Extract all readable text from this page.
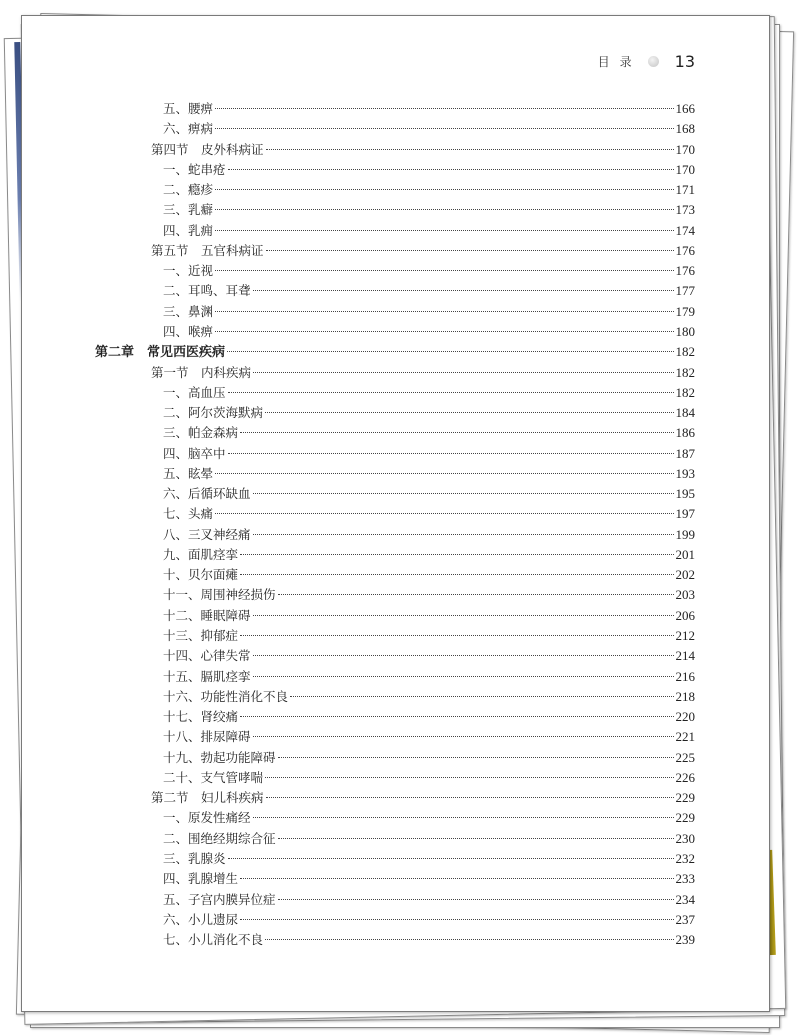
目录 13
五、腰痹	166
六、痹病	168
第四节　皮外科病证	170
一、蛇串疮	170
二、瘾疹	171
三、乳癖	173
四、乳痈	174
第五节　五官科病证	176
一、近视	176
二、耳鸣、耳聋	177
三、鼻渊	179
四、喉痹	180
第二章　常见西医疾病	182
第一节　内科疾病	182
一、高血压	182
二、阿尔茨海默病	184
三、帕金森病	186
四、脑卒中	187
五、眩晕	193
六、后循环缺血	195
七、头痛	197
八、三叉神经痛	199
九、面肌痉挛	201
十、贝尔面瘫	202
十一、周围神经损伤	203
十二、睡眠障碍	206
十三、抑郁症	212
十四、心律失常	214
十五、膈肌痉挛	216
十六、功能性消化不良	218
十七、肾绞痛	220
十八、排尿障碍	221
十九、勃起功能障碍	225
二十、支气管哮喘	226
第二节　妇儿科疾病	229
一、原发性痛经	229
二、围绝经期综合征	230
三、乳腺炎	232
四、乳腺增生	233
五、子宫内膜异位症	234
六、小儿遗尿	237
七、小儿消化不良	239
